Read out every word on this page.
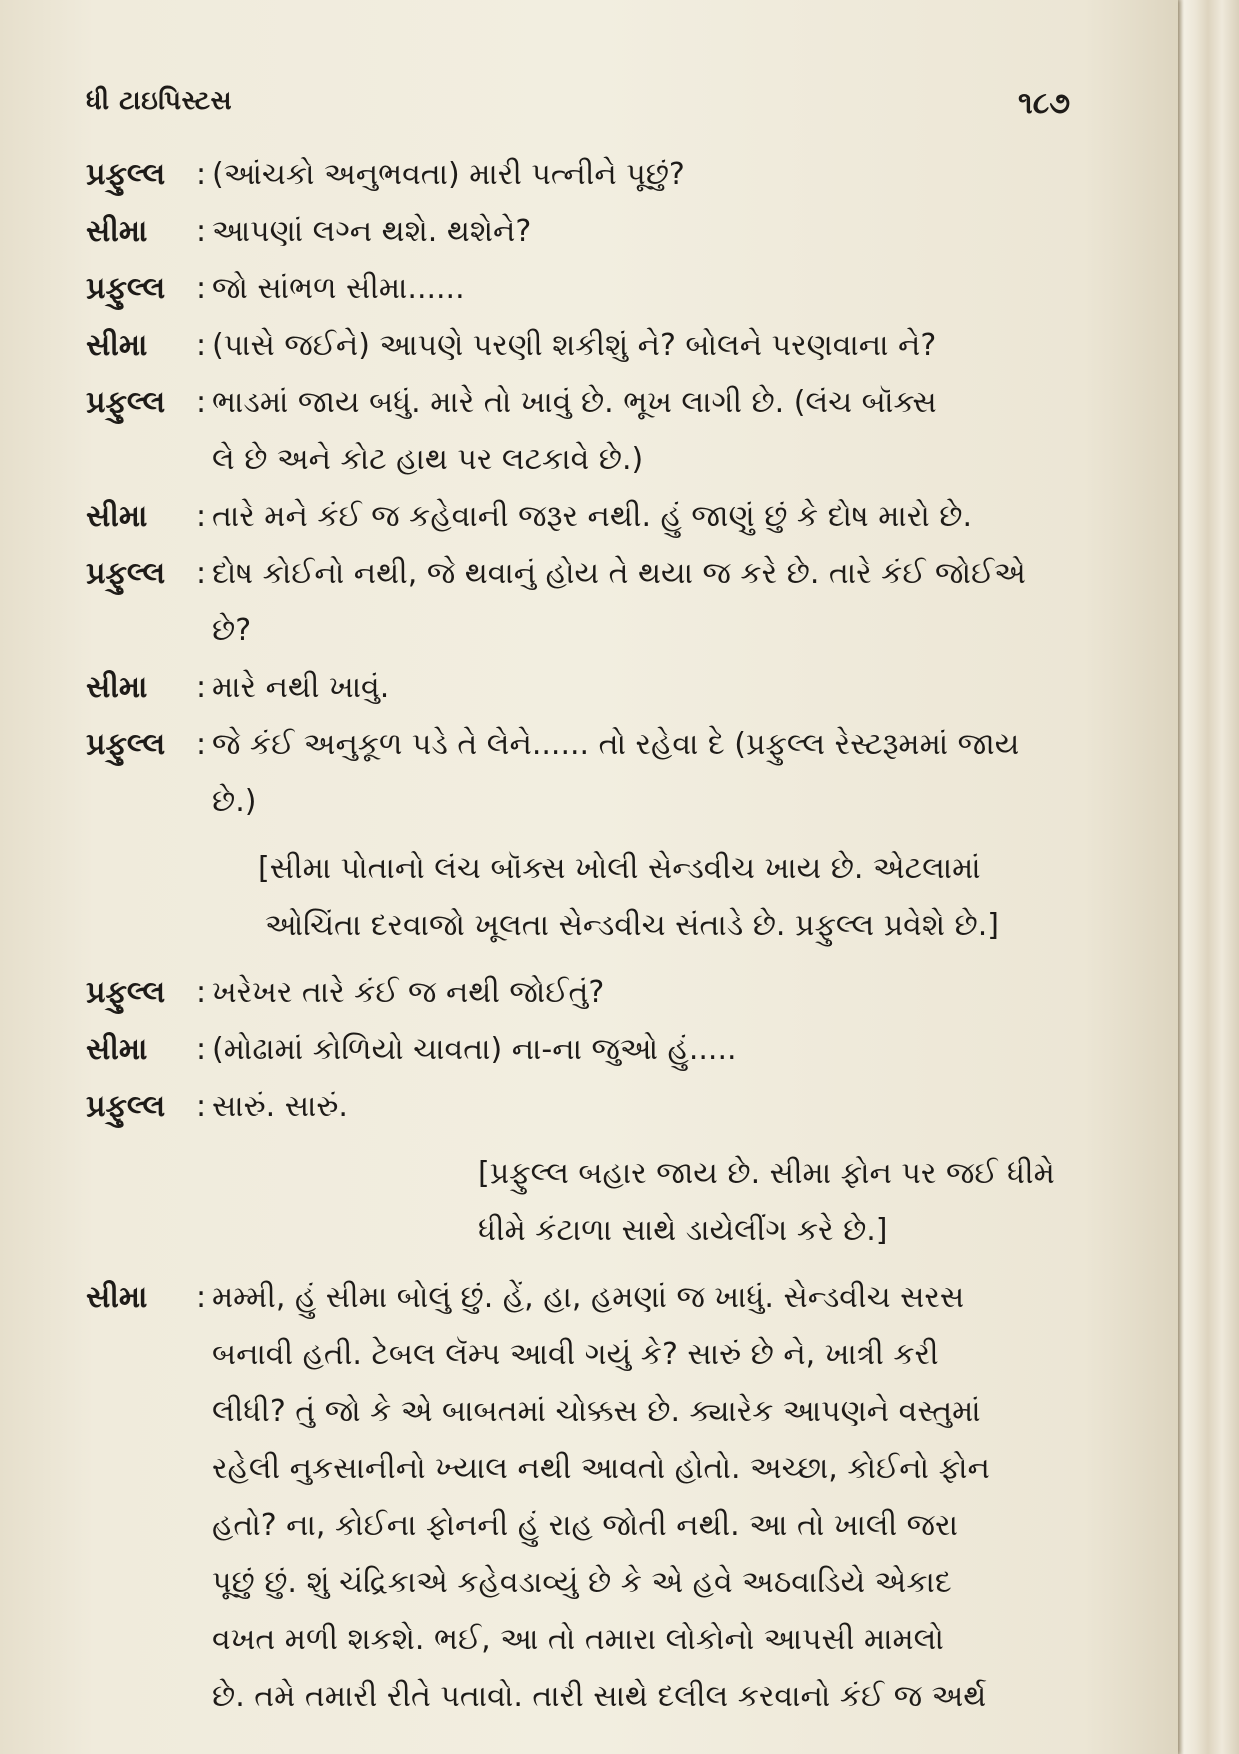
ધી ટાઇપિસ્ટસ	૧૮૭
પ્રફુલ્લ : (આંચકો અનુભવતા) મારી પત્નીને પૂછું?
સીમા : આપણાં લગ્ન થશે. થશેને?
પ્રફુલ્લ : જો સાંભળ સીમા......
સીમા : (પાસે જઈને) આપણે પરણી શકીશું ને? બોલને પરણવાના ને?
પ્રફુલ્લ : ભાડમાં જાય બધું. મારે તો ખાવું છે. ભૂખ લાગી છે. (લંચ બૉક્સ
લે છે અને કોટ હાથ પર લટકાવે છે.)
સીમા : તારે મને કંઈ જ કહેવાની જરૂર નથી. હું જાણું છું કે દોષ મારો છે.
પ્રફુલ્લ : દોષ કોઈનો નથી, જે થવાનું હોય તે થયા જ કરે છે. તારે કંઈ જોઈએ
છે?
સીમા : મારે નથી ખાવું.
પ્રફુલ્લ : જે કંઈ અનુકૂળ પડે તે લેને...... તો રહેવા દે (પ્રફુલ્લ રેસ્ટરૂમમાં જાય
છે.)
[સીમા પોતાનો લંચ બૉક્સ ખોલી સેન્ડવીચ ખાય છે. એટલામાં
ઓચિંતા દરવાજો ખૂલતા સેન્ડવીચ સંતાડે છે. પ્રફુલ્લ પ્રવેશે છે.]
પ્રફુલ્લ : ખરેખર તારે કંઈ જ નથી જોઈતું?
સીમા : (મોઢામાં કોળિયો ચાવતા) ના-ના જુઓ હું.....
પ્રફુલ્લ : સારું. સારું.
[પ્રફુલ્લ બહાર જાય છે. સીમા ફોન પર જઈ ધીમે
ધીમે કંટાળા સાથે ડાયેલીંગ કરે છે.]
સીમા : મમ્મી, હું સીમા બોલું છું. હેં, હા, હમણાં જ ખાધું. સેન્ડવીચ સરસ
બનાવી હતી. ટેબલ લૅમ્પ આવી ગયું કે? સારું છે ને, ખાત્રી કરી
લીધી? તું જો કે એ બાબતમાં ચોક્કસ છે. ક્યારેક આપણને વસ્તુમાં
રહેલી નુકસાનીનો ખ્યાલ નથી આવતો હોતો. અચ્છા, કોઈનો ફોન
હતો? ના, કોઈના ફોનની હું રાહ જોતી નથી. આ તો ખાલી જરા
પૂછું છું. શું ચંદ્રિકાએ કહેવડાવ્યું છે કે એ હવે અઠવાડિયે એકાદ
વખત મળી શકશે. ભઈ, આ તો તમારા લોકોનો આપસી મામલો
છે. તમે તમારી રીતે પતાવો. તારી સાથે દલીલ કરવાનો કંઈ જ અર્થ
